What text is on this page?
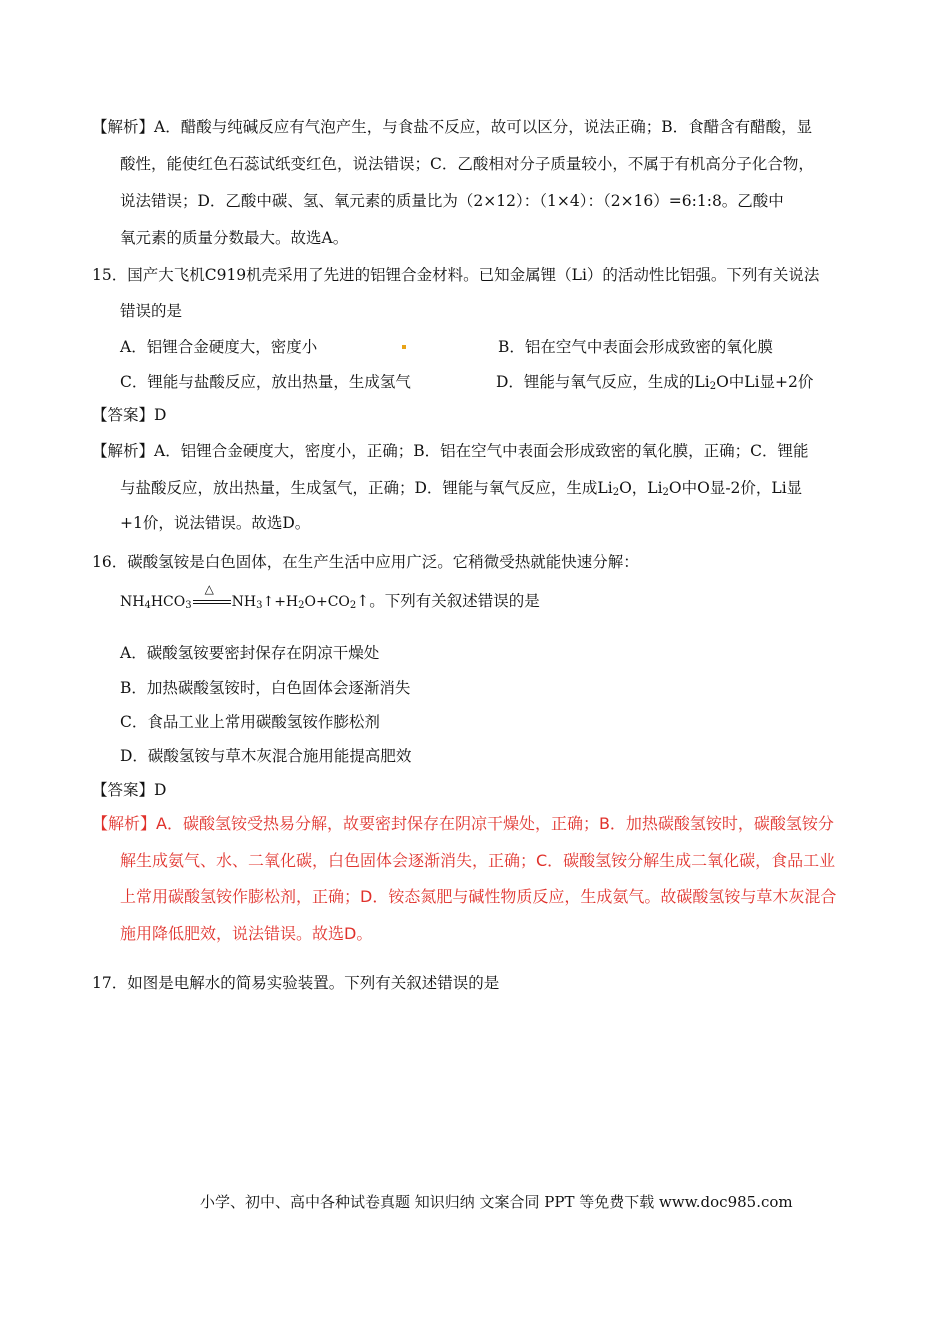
【解析】A．醋酸与纯碱反应有气泡产生，与食盐不反应，故可以区分，说法正确；B．食醋含有醋酸，显
酸性，能使红色石蕊试纸变红色，说法错误；C．乙酸相对分子质量较小，不属于有机高分子化合物，
说法错误；D．乙酸中碳、氢、氧元素的质量比为（2×12）：（1×4）：（2×16）=6:1:8。乙酸中
氧元素的质量分数最大。故选A。
15．国产大飞机C919机壳采用了先进的铝锂合金材料。已知金属锂（Li）的活动性比铝强。下列有关说法
错误的是
A．铝锂合金硬度大，密度小	B．铝在空气中表面会形成致密的氧化膜
C．锂能与盐酸反应，放出热量，生成氢气	D．锂能与氧气反应，生成的$Li_2O$中Li显+2价
【答案】D
【解析】A．铝锂合金硬度大，密度小，正确；B．铝在空气中表面会形成致密的氧化膜，正确；C．锂能
与盐酸反应，放出热量，生成氢气，正确；D．锂能与氧气反应，生成$Li_2O$，$Li_2O$中O显-2价，Li显
+1价，说法错误。故选D。
16．碳酸氢铵是白色固体，在生产生活中应用广泛。它稍微受热就能快速分解：
$NH_4HCO_3$
△
$NH_3↑+H_2O+CO_2↑$。下列有关叙述错误的是
A．碳酸氢铵要密封保存在阴凉干燥处
B．加热碳酸氢铵时，白色固体会逐渐消失
C．食品工业上常用碳酸氢铵作膨松剂
D．碳酸氢铵与草木灰混合施用能提高肥效
【答案】D
【解析】A．碳酸氢铵受热易分解，故要密封保存在阴凉干燥处，正确；B．加热碳酸氢铵时，碳酸氢铵分
解生成氨气、水、二氧化碳，白色固体会逐渐消失，正确；C．碳酸氢铵分解生成二氧化碳，食品工业
上常用碳酸氢铵作膨松剂，正确；D．铵态氮肥与碱性物质反应，生成氨气。故碳酸氢铵与草木灰混合
施用降低肥效，说法错误。故选D。
17．如图是电解水的简易实验装置。下列有关叙述错误的是
小学、初中、高中各种试卷真题 知识归纳 文案合同 PPT 等免费下载 www.doc985.com
